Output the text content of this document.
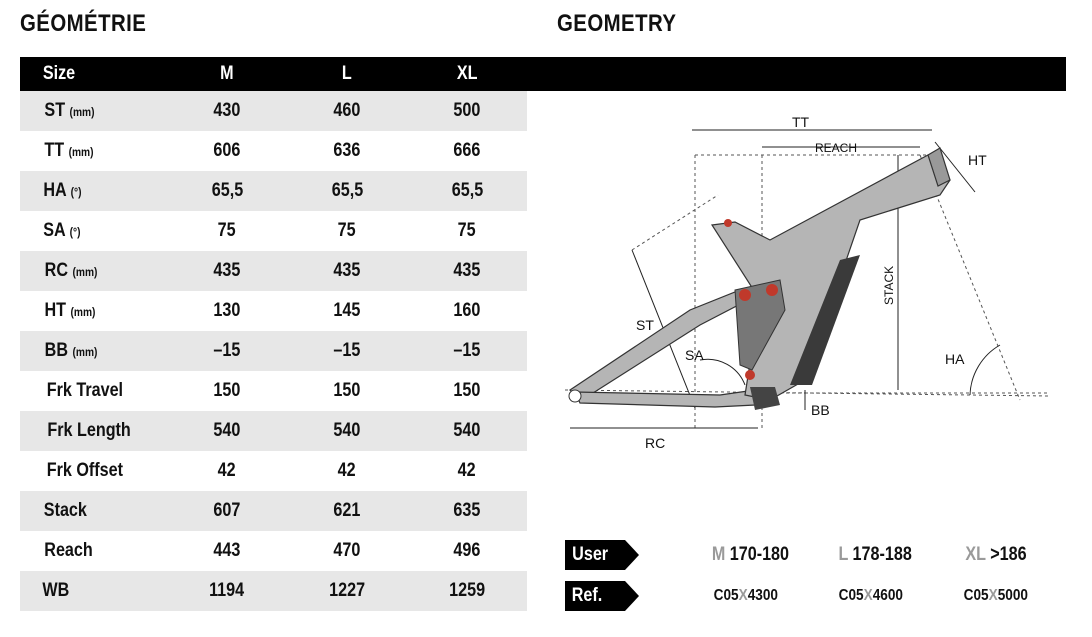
GÉOMÉTRIE	GEOMETRY
Size	M	L	XL
ST (mm)	430	460	500
TT (mm)	606	636	666
HA (°)	65,5	65,5	65,5
SA (°)	75	75	75
RC (mm)	435	435	435
HT (mm)	130	145	160
BB (mm)	–15	–15	–15
Frk Travel	150	150	150
Frk Length	540	540	540
Frk Offset	42	42	42
Stack	607	621	635
Reach	443	470	496
WB	1194	1227	1259
TT
REACH
HT
STACK
ST
SA	HA
BB
RC
User	M 170-180	L 178-188	XL >186
Ref.	C05X4300	C05X4600	C05X5000
